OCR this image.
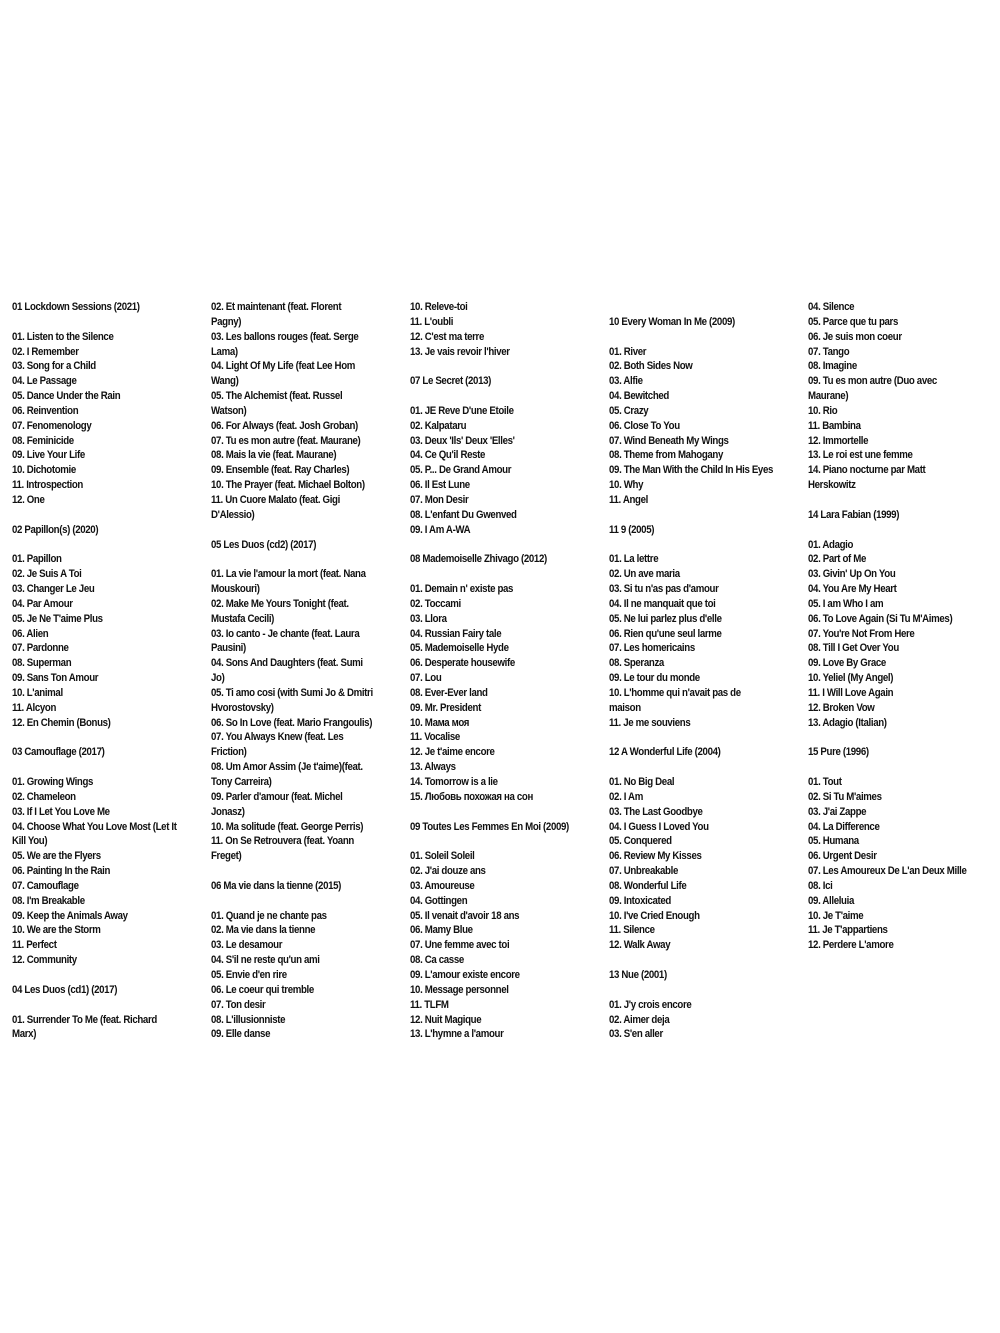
01 Lockdown Sessions (2021)
01. Listen to the Silence
02. I Remember
03. Song for a Child
04. Le Passage
05. Dance Under the Rain
06. Reinvention
07. Fenomenology
08. Feminicide
09. Live Your Life
10. Dichotomie
11. Introspection
12. One
02 Papillon(s) (2020)
01. Papillon
02. Je Suis A Toi
03. Changer Le Jeu
04. Par Amour
05. Je Ne T'aime Plus
06. Alien
07. Pardonne
08. Superman
09. Sans Ton Amour
10. L'animal
11. Alcyon
12. En Chemin (Bonus)
03 Camouflage (2017)
01. Growing Wings
02. Chameleon
03. If I Let You Love Me
04. Choose What You Love Most (Let It
Kill You)
05. We are the Flyers
06. Painting In the Rain
07. Camouflage
08. I'm Breakable
09. Keep the Animals Away
10. We are the Storm
11. Perfect
12. Community
04 Les Duos (cd1) (2017)
01. Surrender To Me (feat. Richard
Marx)
02. Et maintenant (feat. Florent
Pagny)
03. Les ballons rouges (feat. Serge
Lama)
04. Light Of My Life (feat Lee Hom
Wang)
05. The Alchemist (feat. Russel
Watson)
06. For Always (feat. Josh Groban)
07. Tu es mon autre (feat. Maurane)
08. Mais la vie (feat. Maurane)
09. Ensemble (feat. Ray Charles)
10. The Prayer (feat. Michael Bolton)
11. Un Cuore Malato (feat. Gigi
D'Alessio)
05 Les Duos (cd2) (2017)
01. La vie l'amour la mort (feat. Nana
Mouskouri)
02. Make Me Yours Tonight (feat.
Mustafa Cecili)
03. Io canto - Je chante (feat. Laura
Pausini)
04. Sons And Daughters (feat. Sumi
Jo)
05. Ti amo cosi (with Sumi Jo & Dmitri
Hvorostovsky)
06. So In Love (feat. Mario Frangoulis)
07. You Always Knew (feat. Les
Friction)
08. Um Amor Assim (Je t'aime)(feat.
Tony Carreira)
09. Parler d'amour (feat. Michel
Jonasz)
10. Ma solitude (feat. George Perris)
11. On Se Retrouvera (feat. Yoann
Freget)
06 Ma vie dans la tienne (2015)
01. Quand je ne chante pas
02. Ma vie dans la tienne
03. Le desamour
04. S'il ne reste qu'un ami
05. Envie d'en rire
06. Le coeur qui tremble
07. Ton desir
08. L'illusionniste
09. Elle danse
10. Releve-toi
11. L'oubli
12. C'est ma terre
13. Je vais revoir l'hiver
07 Le Secret (2013)
01. JE Reve D'une Etoile
02. Kalpataru
03. Deux 'Ils' Deux 'Elles'
04. Ce Qu'il Reste
05. P... De Grand Amour
06. Il Est Lune
07. Mon Desir
08. L'enfant Du Gwenved
09. I Am A-WA
08 Mademoiselle Zhivago (2012)
01. Demain n' existe pas
02. Toccami
03. Llora
04. Russian Fairy tale
05. Mademoiselle Hyde
06. Desperate housewife
07. Lou
08. Ever-Ever land
09. Mr. President
10. Мама моя
11. Vocalise
12. Je t'aime encore
13. Always
14. Tomorrow is a lie
15. Любовь похожая на сон
09 Toutes Les Femmes En Moi (2009)
01. Soleil Soleil
02. J'ai douze ans
03. Amoureuse
04. Gottingen
05. Il venait d'avoir 18 ans
06. Mamy Blue
07. Une femme avec toi
08. Ca casse
09. L'amour existe encore
10. Message personnel
11. TLFM
12. Nuit Magique
13. L'hymne a l'amour
10 Every Woman In Me (2009)
01. River
02. Both Sides Now
03. Alfie
04. Bewitched
05. Crazy
06. Close To You
07. Wind Beneath My Wings
08. Theme from Mahogany
09. The Man With the Child In His Eyes
10. Why
11. Angel
11 9 (2005)
01. La lettre
02. Un ave maria
03. Si tu n'as pas d'amour
04. Il ne manquait que toi
05. Ne lui parlez plus d'elle
06. Rien qu'une seul larme
07. Les homericains
08. Speranza
09. Le tour du monde
10. L'homme qui n'avait pas de
maison
11. Je me souviens
12 A Wonderful Life (2004)
01. No Big Deal
02. I Am
03. The Last Goodbye
04. I Guess I Loved You
05. Conquered
06. Review My Kisses
07. Unbreakable
08. Wonderful Life
09. Intoxicated
10. I've Cried Enough
11. Silence
12. Walk Away
13 Nue (2001)
01. J'y crois encore
02. Aimer deja
03. S'en aller
04. Silence
05. Parce que tu pars
06. Je suis mon coeur
07. Tango
08. Imagine
09. Tu es mon autre (Duo avec
Maurane)
10. Rio
11. Bambina
12. Immortelle
13. Le roi est une femme
14. Piano nocturne par Matt
Herskowitz
14 Lara Fabian (1999)
01. Adagio
02. Part of Me
03. Givin' Up On You
04. You Are My Heart
05. I am Who I am
06. To Love Again (Si Tu M'Aimes)
07. You're Not From Here
08. Till I Get Over You
09. Love By Grace
10. Yeliel (My Angel)
11. I Will Love Again
12. Broken Vow
13. Adagio (Italian)
15 Pure (1996)
01. Tout
02. Si Tu M'aimes
03. J'ai Zappe
04. La Difference
05. Humana
06. Urgent Desir
07. Les Amoureux De L'an Deux Mille
08. Ici
09. Alleluia
10. Je T'aime
11. Je T'appartiens
12. Perdere L'amore
